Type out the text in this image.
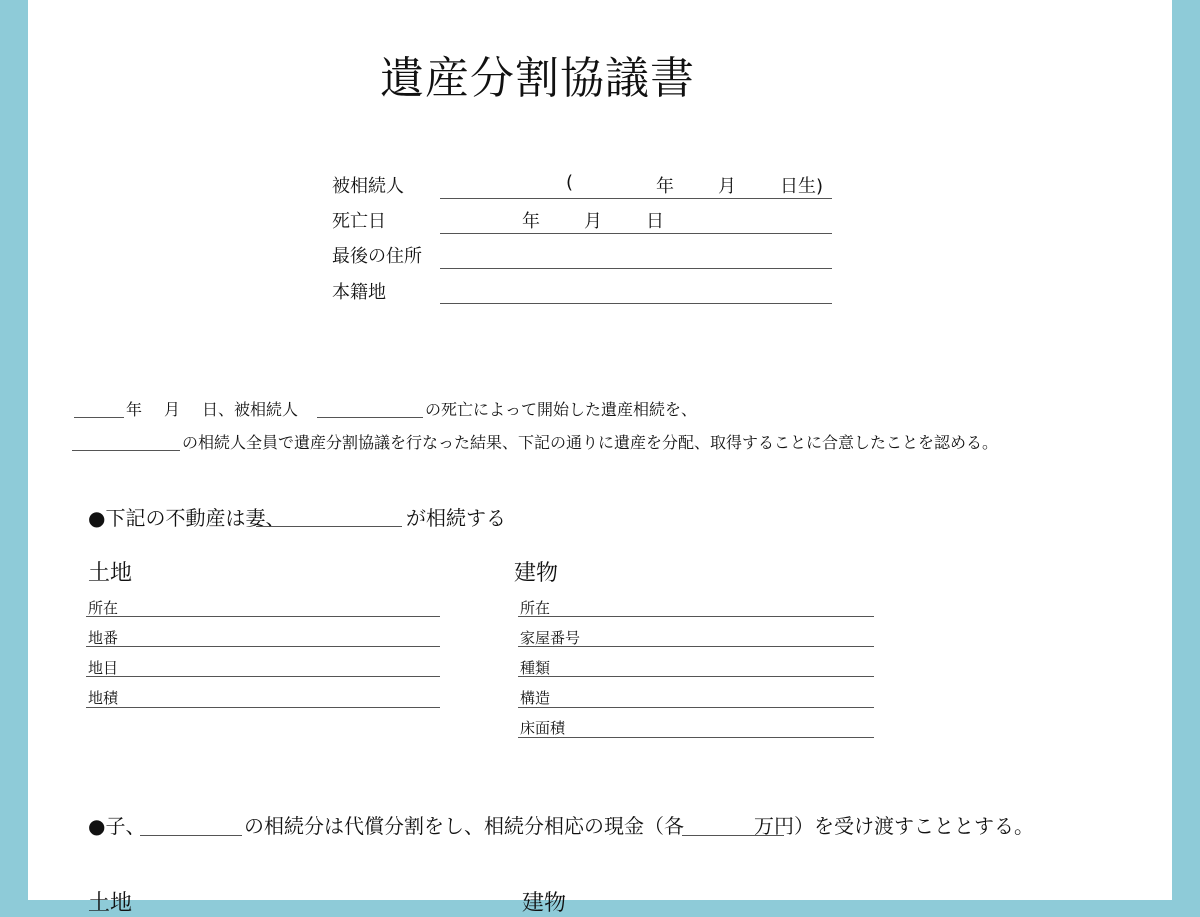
遺産分割協議書
被相続人	(	年 月 日生)
死亡日	年 月 日
最後の住所
本籍地
年 月 日、被相続人	の死亡によって開始した遺産相続を、
の相続人全員で遺産分割協議を行なった結果、下記の通りに遺産を分配、取得することに合意したことを認める。
●下記の不動産は妻、	が相続する
土地	建物
所在
地番
地目
地積
所在
家屋番号
種類
構造
床面積
●子、	の相続分は代償分割をし、相続分相応の現金（各	万円）を受け渡すこととする。
土地	建物
